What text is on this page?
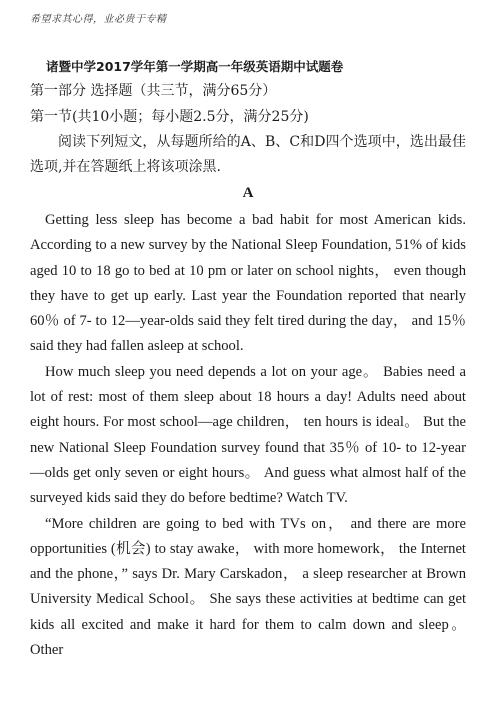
希望求其心得，业必贵于专精
诸暨中学2017学年第一学期高一年级英语期中试题卷
第一部分 选择题（共三节，满分65分）
第一节(共10小题；每小题2.5分，满分25分)
阅读下列短文，从每题所给的A、B、C和D四个选项中，选出最佳选项,并在答题纸上将该项涂黑.
A

Getting less sleep has become a bad habit for most American kids. According to a new survey by the National Sleep Foundation, 51% of kids aged 10 to 18 go to bed at 10 pm or later on school nights， even though they have to get up early. Last year the Foundation reported that nearly 60％ of 7- to 12—year-olds said they felt tired during the day， and 15％ said they had fallen asleep at school.

How much sleep you need depends a lot on your age。 Babies need a lot of rest: most of them sleep about 18 hours a day! Adults need about eight hours. For most school—age children， ten hours is ideal。 But the new National Sleep Foundation survey found that 35％ of 10- to 12-year—olds get only seven or eight hours。 And guess what almost half of the surveyed kids said they do before bedtime? Watch TV.

“More children are going to bed with TVs on， and there are more opportunities (机会) to stay awake， with more homework， the Internet and the phone，” says Dr. Mary Carskadon， a sleep researcher at Brown University Medical School。 She says these activities at bedtime can get kids all excited and make it hard for them to calm down and sleep。 Other
